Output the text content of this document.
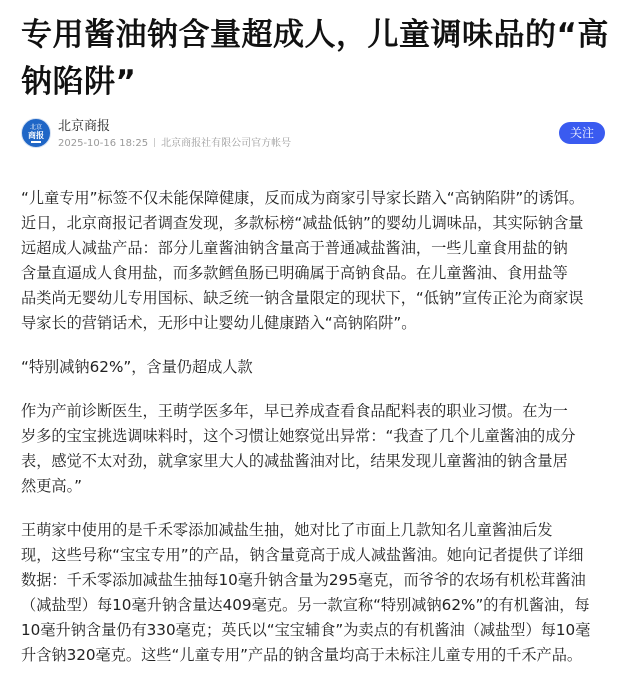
专用酱油钠含量超成人，儿童调味品的“高
钠陷阱”
北京
商报
北京商报
2025-10-16 18:25 北京商报社有限公司官方帐号
关注

“儿童专用”标签不仅未能保障健康，反而成为商家引导家长踏入“高钠陷阱”的诱饵。
近日，北京商报记者调查发现，多款标榜“减盐低钠”的婴幼儿调味品，其实际钠含量
远超成人减盐产品：部分儿童酱油钠含量高于普通减盐酱油，一些儿童食用盐的钠
含量直逼成人食用盐，而多款鳕鱼肠已明确属于高钠食品。在儿童酱油、食用盐等
品类尚无婴幼儿专用国标、缺乏统一钠含量限定的现状下，“低钠”宣传正沦为商家误
导家长的营销话术，无形中让婴幼儿健康踏入“高钠陷阱”。

“特别减钠62%”，含量仍超成人款

作为产前诊断医生，王萌学医多年，早已养成查看食品配料表的职业习惯。在为一
岁多的宝宝挑选调味料时，这个习惯让她察觉出异常：“我查了几个儿童酱油的成分
表，感觉不太对劲，就拿家里大人的减盐酱油对比，结果发现儿童酱油的钠含量居
然更高。”

王萌家中使用的是千禾零添加减盐生抽，她对比了市面上几款知名儿童酱油后发
现，这些号称“宝宝专用”的产品，钠含量竟高于成人减盐酱油。她向记者提供了详细
数据：千禾零添加减盐生抽每10毫升钠含量为295毫克，而爷爷的农场有机松茸酱油
（减盐型）每10毫升钠含量达409毫克。另一款宣称“特别减钠62%”的有机酱油，每
10毫升钠含量仍有330毫克；英氏以“宝宝辅食”为卖点的有机酱油（减盐型）每10毫
升含钠320毫克。这些“儿童专用”产品的钠含量均高于未标注儿童专用的千禾产品。
